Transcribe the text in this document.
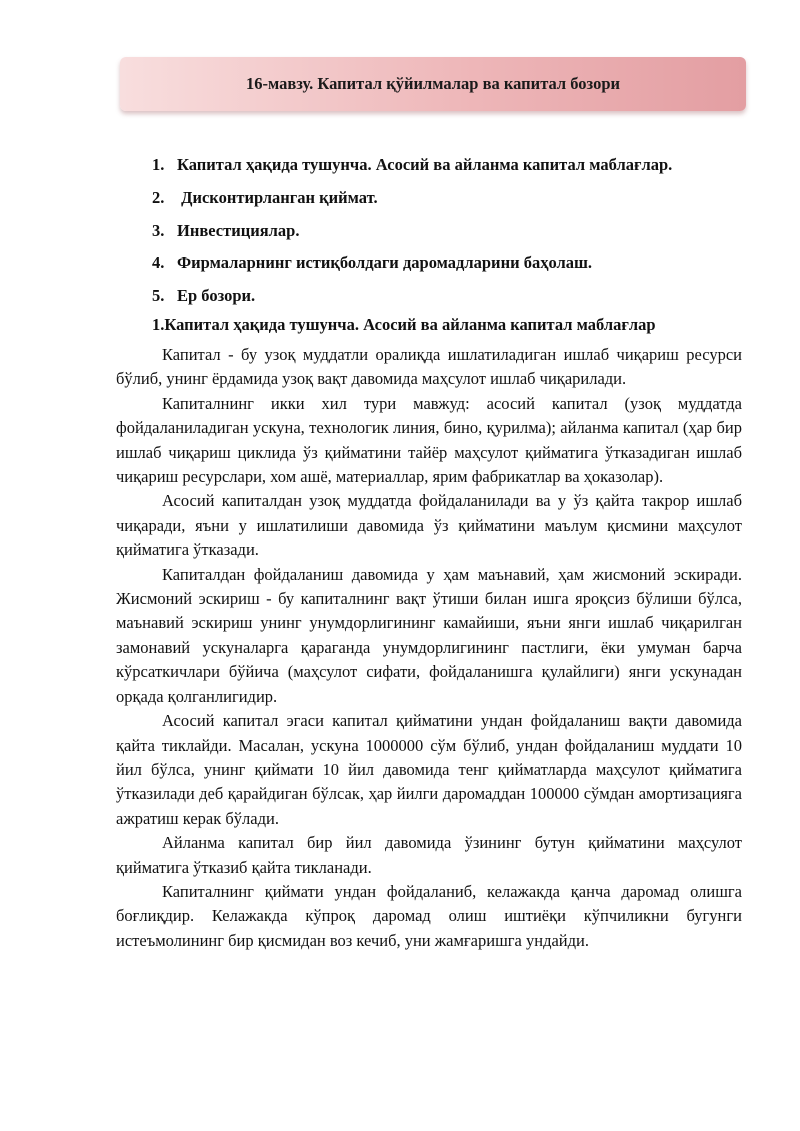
16-мавзу. Капитал қўйилмалар ва капитал бозори
1. Капитал ҳақида тушунча. Асосий ва айланма капитал маблағлар.
2. Дисконтирланган қиймат.
3. Инвестициялар.
4. Фирмаларнинг истиқболдаги даромадларини баҳолаш.
5. Ер бозори.
1.Капитал ҳақида тушунча. Асосий ва айланма капитал маблағлар

Капитал - бу узоқ муддатли оралиқда ишлатиладиган ишлаб чиқариш ресурси бўлиб, унинг ёрдамида узоқ вақт давомида маҳсулот ишлаб чиқарилади.

Капиталнинг икки хил тури мавжуд: асосий капитал (узоқ муддатда фойдаланиладиган ускуна, технологик линия, бино, қурилма); айланма капитал (ҳар бир ишлаб чиқариш циклида ўз қийматини тайёр маҳсулот қийматига ўтказадиган ишлаб чиқариш ресурслари, хом ашё, материаллар, ярим фабрикатлар ва ҳоказолар).

Асосий капиталдан узоқ муддатда фойдаланилади ва у ўз қайта такрор ишлаб чиқаради, яъни у ишлатилиши давомида ўз қийматини маълум қисмини маҳсулот қийматига ўтказади.

Капиталдан фойдаланиш давомида у ҳам маънавий, ҳам жисмоний эскиради. Жисмоний эскириш - бу капиталнинг вақт ўтиши билан ишга яроқсиз бўлиши бўлса, маънавий эскириш унинг унумдорлигининг камайиши, яъни янги ишлаб чиқарилган замонавий ускуналарга қараганда унумдорлигининг пастлиги, ёки умуман барча кўрсаткичлари бўйича (маҳсулот сифати, фойдаланишга қулайлиги) янги ускунадан орқада қолганлигидир.

Асосий капитал эгаси капитал қийматини ундан фойдаланиш вақти давомида қайта тиклайди. Масалан, ускуна 1000000 сўм бўлиб, ундан фойдаланиш муддати 10 йил бўлса, унинг қиймати 10 йил давомида тенг қийматларда маҳсулот қийматига ўтказилади деб қарайдиган бўлсак, ҳар йилги даромаддан 100000 сўмдан амортизацияга ажратиш керак бўлади.

Айланма капитал бир йил давомида ўзининг бутун қийматини маҳсулот қийматига ўтказиб қайта тикланади.

Капиталнинг қиймати ундан фойдаланиб, келажакда қанча даромад олишга боғлиқдир. Келажакда кўпроқ даромад олиш иштиёқи кўпчиликни бугунги истеъмолининг бир қисмидан воз кечиб, уни жамғаришга ундайди.
